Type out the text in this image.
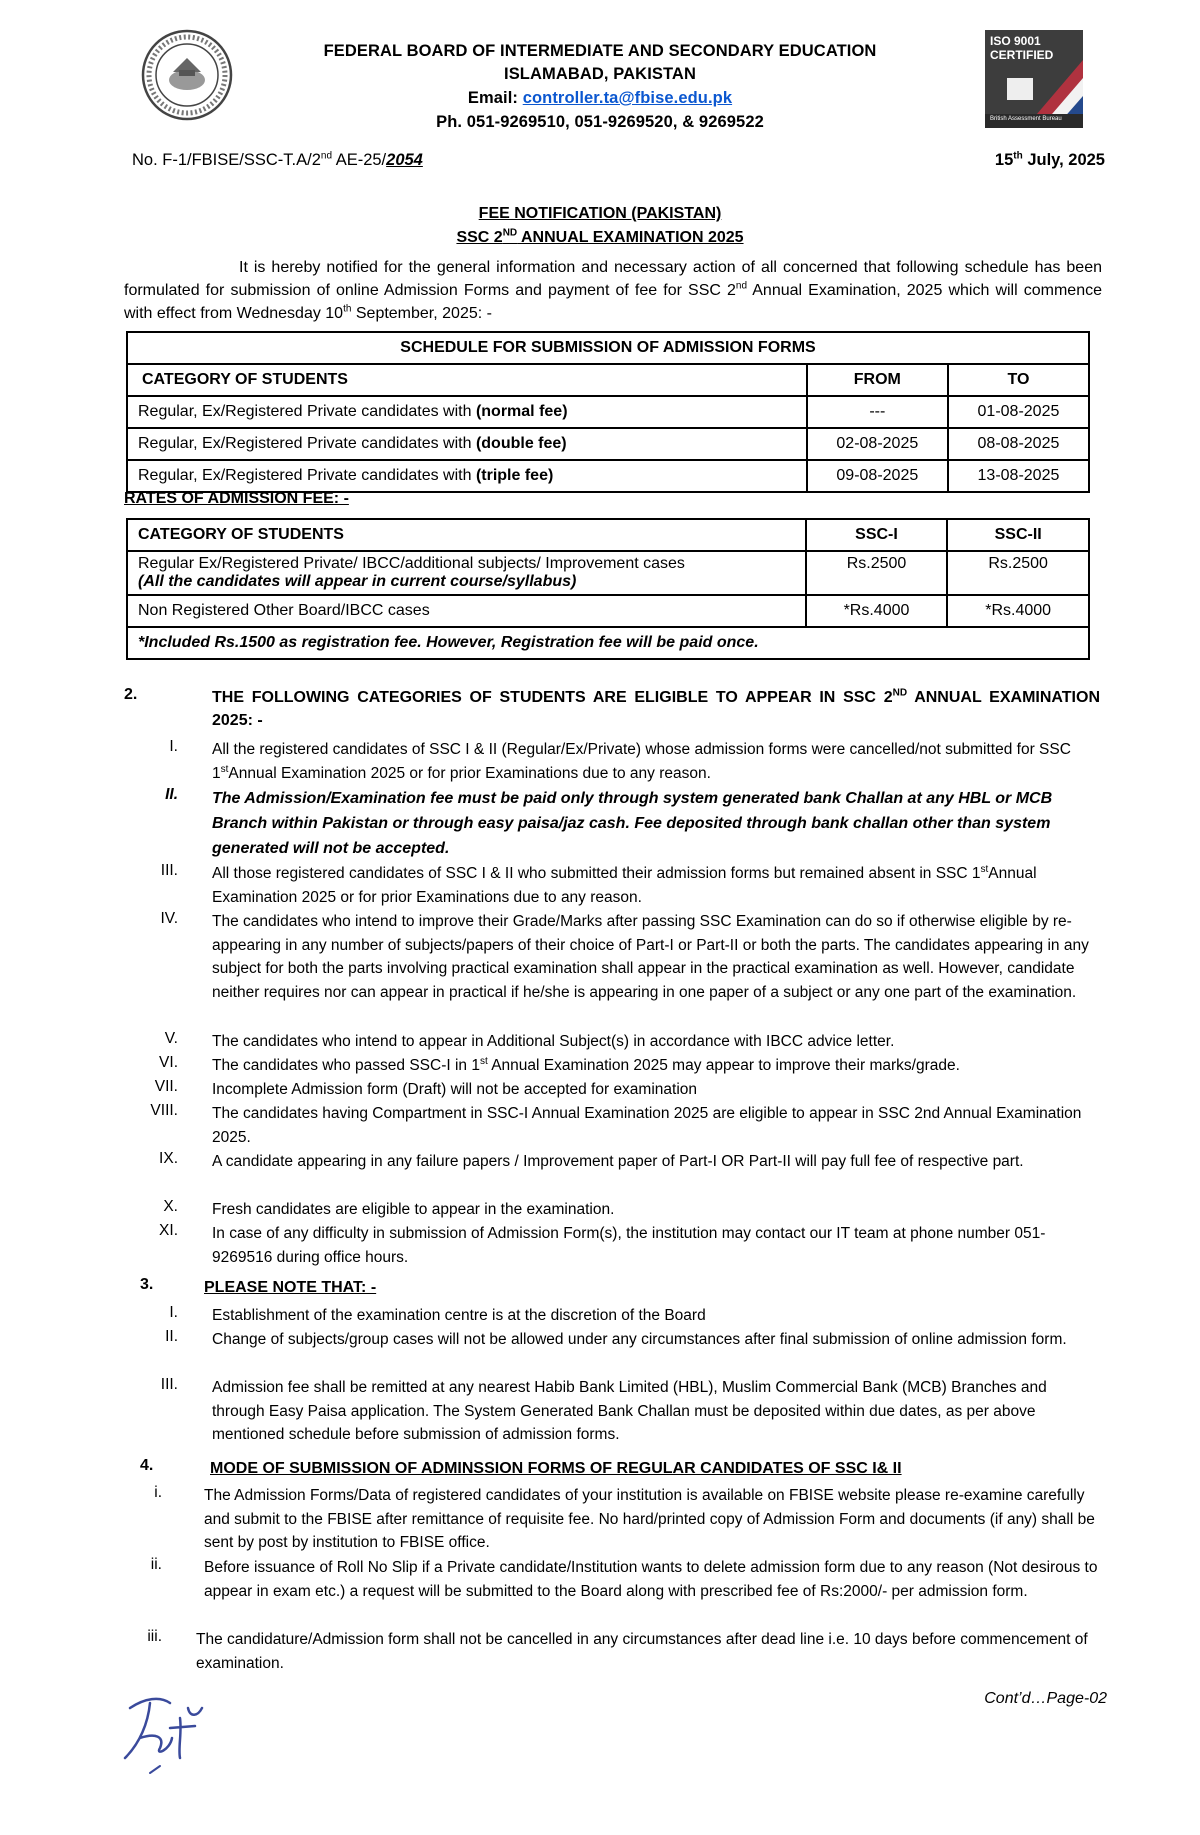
ISO 9001
CERTIFIED
British Assessment Bureau
FEDERAL BOARD OF INTERMEDIATE AND SECONDARY EDUCATION
ISLAMABAD, PAKISTAN
Email: controller.ta@fbise.edu.pk
Ph. 051-9269510, 051-9269520, & 9269522
No. F-1/FBISE/SSC-T.A/2nd AE-25/2054	15th July, 2025
FEE NOTIFICATION (PAKISTAN)
SSC 2ND ANNUAL EXAMINATION 2025
It is hereby notified for the general information and necessary action of all concerned that following schedule has been formulated for submission of online Admission Forms and payment of fee for SSC 2nd Annual Examination, 2025 which will commence with effect from Wednesday 10th September, 2025: -
SCHEDULE FOR SUBMISSION OF ADMISSION FORMS		
CATEGORY OF STUDENTS	FROM	TO
Regular, Ex/Registered Private candidates with (normal fee)	---	01-08-2025
Regular, Ex/Registered Private candidates with (double fee)	02-08-2025	08-08-2025
Regular, Ex/Registered Private candidates with (triple fee)	09-08-2025	13-08-2025
RATES OF ADMISSION FEE: -
CATEGORY OF STUDENTS	SSC-I	SSC-II

Regular Ex/Registered Private/ IBCC/additional subjects/ Improvement cases
(All the candidates will appear in current course/syllabus)	Rs.2500	Rs.2500
Non Registered Other Board/IBCC cases	*Rs.4000	*Rs.4000
*Included Rs.1500 as registration fee. However, Registration fee will be paid once.		
2.	THE FOLLOWING CATEGORIES OF STUDENTS ARE ELIGIBLE TO APPEAR IN SSC 2ND ANNUAL EXAMINATION 2025: -
I. All the registered candidates of SSC I & II (Regular/Ex/Private) whose admission forms were cancelled/not submitted for SSC 1stAnnual Examination 2025 or for prior Examinations due to any reason.
II. The Admission/Examination fee must be paid only through system generated bank Challan at any HBL or MCB Branch within Pakistan or through easy paisa/jaz cash. Fee deposited through bank challan other than system generated will not be accepted.
III. All those registered candidates of SSC I & II who submitted their admission forms but remained absent in SSC 1stAnnual Examination 2025 or for prior Examinations due to any reason.
IV. The candidates who intend to improve their Grade/Marks after passing SSC Examination can do so if otherwise eligible by re-appearing in any number of subjects/papers of their choice of Part-I or Part-II or both the parts. The candidates appearing in any subject for both the parts involving practical examination shall appear in the practical examination as well. However, candidate neither requires nor can appear in practical if he/she is appearing in one paper of a subject or any one part of the examination.
V. The candidates who intend to appear in Additional Subject(s) in accordance with IBCC advice letter.
VI. The candidates who passed SSC-I in 1st Annual Examination 2025 may appear to improve their marks/grade.
VII. Incomplete Admission form (Draft) will not be accepted for examination
VIII. The candidates having Compartment in SSC-I Annual Examination 2025 are eligible to appear in SSC 2nd Annual Examination 2025.
IX. A candidate appearing in any failure papers / Improvement paper of Part-I OR Part-II will pay full fee of respective part.
X. Fresh candidates are eligible to appear in the examination.
XI. In case of any difficulty in submission of Admission Form(s), the institution may contact our IT team at phone number 051-9269516 during office hours.
3.	PLEASE NOTE THAT: -
I. Establishment of the examination centre is at the discretion of the Board
II. Change of subjects/group cases will not be allowed under any circumstances after final submission of online admission form.
III. Admission fee shall be remitted at any nearest Habib Bank Limited (HBL), Muslim Commercial Bank (MCB) Branches and through Easy Paisa application. The System Generated Bank Challan must be deposited within due dates, as per above mentioned schedule before submission of admission forms.
4.	MODE OF SUBMISSION OF ADMINSSION FORMS OF REGULAR CANDIDATES OF SSC I& II
i.	The Admission Forms/Data of registered candidates of your institution is available on FBISE website please re-examine carefully and submit to the FBISE after remittance of requisite fee. No hard/printed copy of Admission Form and documents (if any) shall be sent by post by institution to FBISE office.
ii.	Before issuance of Roll No Slip if a Private candidate/Institution wants to delete admission form due to any reason (Not desirous to appear in exam etc.) a request will be submitted to the Board along with prescribed fee of Rs:2000/- per admission form.
iii. The candidature/Admission form shall not be cancelled in any circumstances after dead line i.e. 10 days before commencement of examination.
Cont’d…Page-02
